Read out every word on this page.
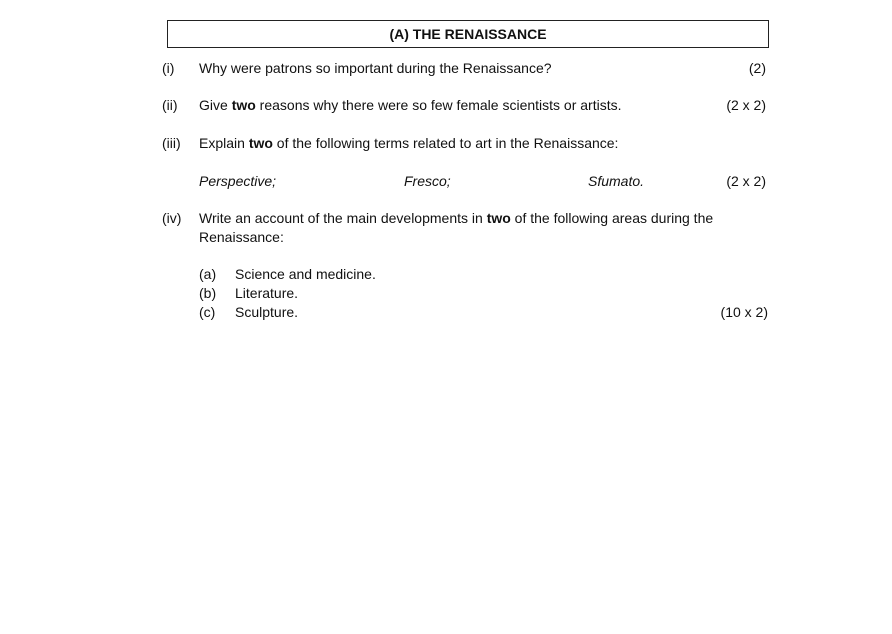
(A) THE RENAISSANCE
(i) Why were patrons so important during the Renaissance?	(2)
(ii) Give two reasons why there were so few female scientists or artists.	(2 x 2)
(iii) Explain two of the following terms related to art in the Renaissance:
Perspective;	Fresco;	Sfumato.	(2 x 2)
(iv) Write an account of the main developments in two of the following areas during the
Renaissance:
(a) Science and medicine.
(b) Literature.
(c) Sculpture.	(10 x 2)
